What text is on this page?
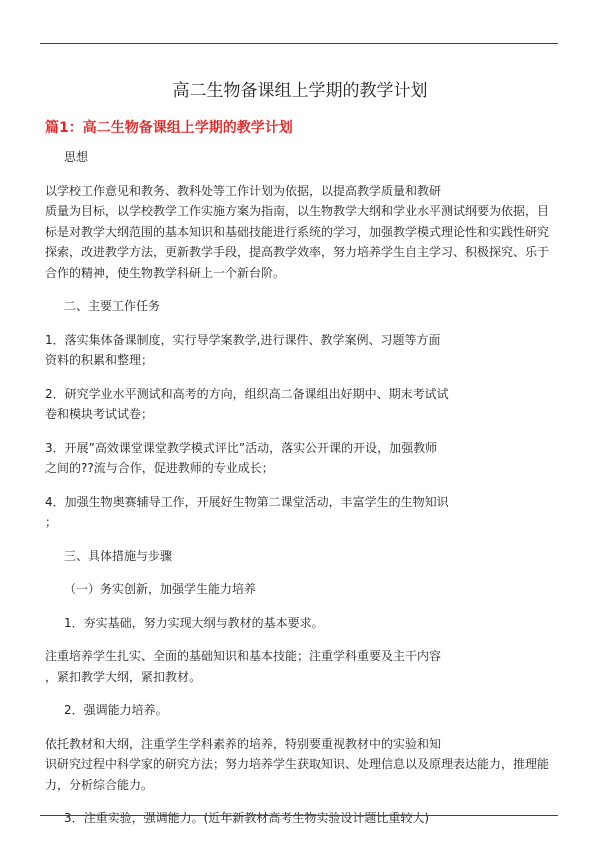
高二生物备课组上学期的教学计划
篇1：高二生物备课组上学期的教学计划

思想

以学校工作意见和教务、教科处等工作计划为依据，以提高教学质量和教研
质量为目标，以学校教学工作实施方案为指南，以生物教学大纲和学业水平测试纲要为依据，目
标是对教学大纲范围的基本知识和基础技能进行系统的学习，加强教学模式理论性和实践性研究
探索，改进教学方法，更新教学手段，提高教学效率，努力培养学生自主学习、积极探究、乐于
合作的精神，使生物教学科研上一个新台阶。

二、主要工作任务

1．落实集体备课制度，实行导学案教学,进行课件、教学案例、习题等方面
资料的积累和整理；

2．研究学业水平测试和高考的方向，组织高二备课组出好期中、期末考试试
卷和模块考试试卷；

3．开展”高效课堂课堂教学模式评比”活动，落实公开课的开设，加强教师
之间的??流与合作，促进教师的专业成长；

4．加强生物奥赛辅导工作，开展好生物第二课堂活动，丰富学生的生物知识
；

三、具体措施与步骤

（一）务实创新，加强学生能力培养

1．夯实基础，努力实现大纲与教材的基本要求。

注重培养学生扎实、全面的基础知识和基本技能；注重学科重要及主干内容
，紧扣教学大纲，紧扣教材。

2．强调能力培养。

依托教材和大纲，注重学生学科素养的培养，特别要重视教材中的实验和知
识研究过程中科学家的研究方法；努力培养学生获取知识、处理信息以及原理表达能力，推理能
力，分析综合能力。

3．注重实验，强调能力。(近年新教材高考生物实验设计题比重较大)
